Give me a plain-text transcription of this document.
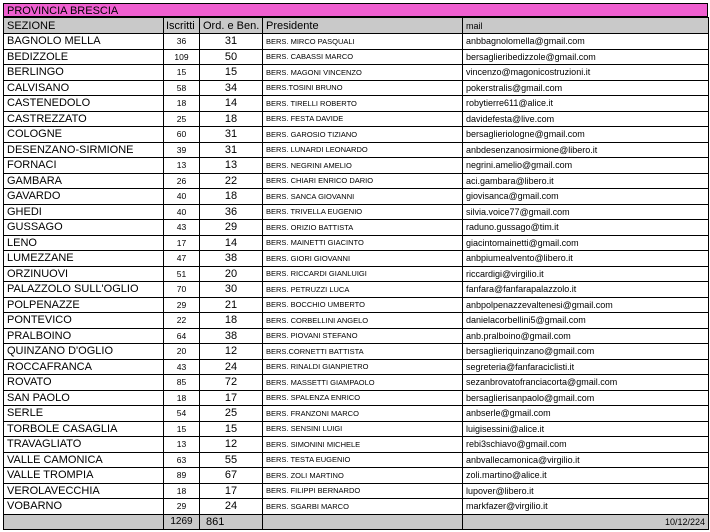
PROVINCIA BRESCIA
SEZIONE	Iscritti	Ord. e Ben.	Presidente	mail
BAGNOLO MELLA	36	31	BERS. MIRCO PASQUALI	anbbagnolomella@gmail.com
BEDIZZOLE	109	50	BERS. CABASSI MARCO	bersaglieribedizzole@gmail.com
BERLINGO	15	15	BERS. MAGONI VINCENZO	vincenzo@magonicostruzioni.it
CALVISANO	58	34	BERS.TOSINI BRUNO	pokerstralis@gmail.com
CASTENEDOLO	18	14	BERS. TIRELLI ROBERTO	robytierre611@alice.it
CASTREZZATO	25	18	BERS. FESTA DAVIDE	davidefesta@live.com
COLOGNE	60	31	BERS. GAROSIO TIZIANO	bersaglieriologne@gmail.com
DESENZANO-SIRMIONE	39	31	BERS. LUNARDI LEONARDO	anbdesenzanosirmione@libero.it
FORNACI	13	13	BERS. NEGRINI AMELIO	negrini.amelio@gmail.com
GAMBARA	26	22	BERS. CHIARI ENRICO DARIO	aci.gambara@libero.it
GAVARDO	40	18	BERS. SANCA GIOVANNI	giovisanca@gmail.com
GHEDI	40	36	BERS. TRIVELLA EUGENIO	silvia.voice77@gmail.com
GUSSAGO	43	29	BERS. ORIZIO BATTISTA	raduno.gussago@tim.it
LENO	17	14	BERS. MAINETTI GIACINTO	giacintomainetti@gmail.com
LUMEZZANE	47	38	BERS. GIORI GIOVANNI	anbpiumealvento@libero.it
ORZINUOVI	51	20	BERS. RICCARDI GIANLUIGI	riccardigi@virgilio.it
PALAZZOLO SULL'OGLIO	70	30	BERS. PETRUZZI LUCA	fanfara@fanfarapalazzolo.it
POLPENAZZE	29	21	BERS. BOCCHIO UMBERTO	anbpolpenazzevaltenesi@gmail.com
PONTEVICO	22	18	BERS. CORBELLINI ANGELO	danielacorbellini5@gmail.com
PRALBOINO	64	38	BERS. PIOVANI STEFANO	anb.pralboino@gmail.com
QUINZANO D'OGLIO	20	12	BERS.CORNETTI BATTISTA	bersaglieriquinzano@gmail.com
ROCCAFRANCA	43	24	BERS. RINALDI GIANPIETRO	segreteria@fanfaraciclisti.it
ROVATO	85	72	BERS. MASSETTI GIAMPAOLO	sezanbrovatofranciacorta@gmail.com
SAN PAOLO	18	17	BERS. SPALENZA ENRICO	bersaglierisanpaolo@gmail.com
SERLE	54	25	BERS. FRANZONI MARCO	anbserle@gmail.com
TORBOLE CASAGLIA	15	15	BERS. SENSINI LUIGI	luigisessini@alice.it
TRAVAGLIATO	13	12	BERS. SIMONINI MICHELE	rebi3schiavo@gmail.com
VALLE CAMONICA	63	55	BERS. TESTA EUGENIO	anbvallecamonica@virgilio.it
VALLE TROMPIA	89	67	BERS. ZOLI MARTINO	zoli.martino@alice.it
VEROLAVECCHIA	18	17	BERS. FILIPPI BERNARDO	lupover@libero.it
VOBARNO	29	24	BERS. SGARBI MARCO	markfazer@virgilio.it
	1269	861		10/12/224
